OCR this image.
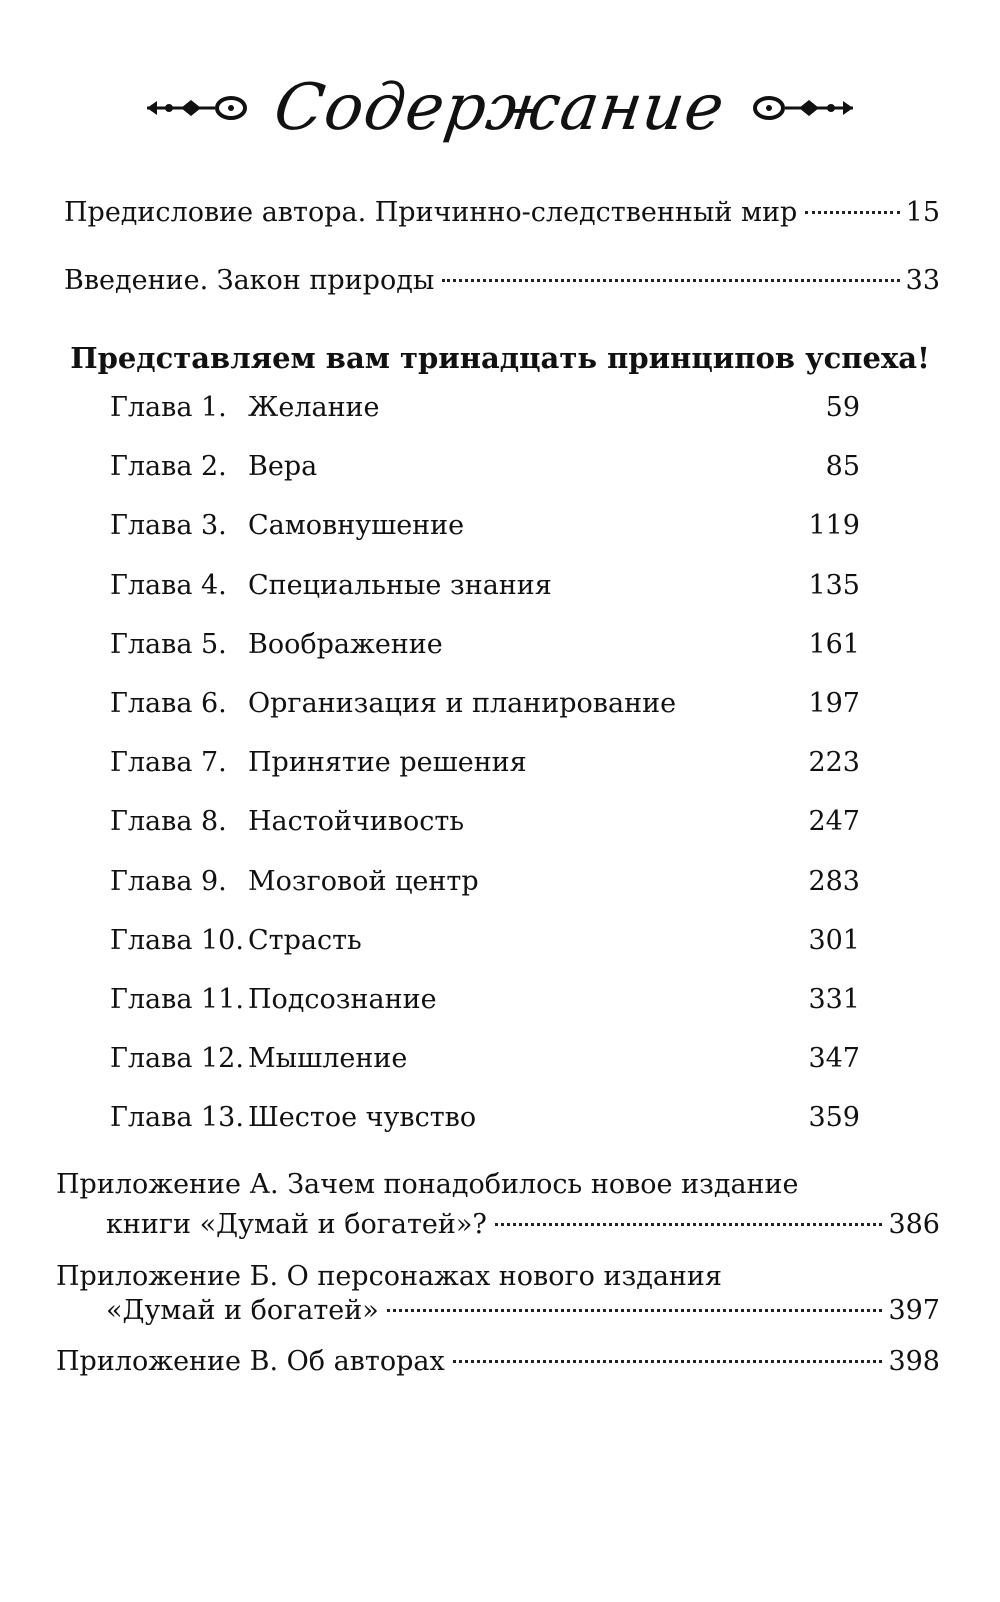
Содержание
Предисловие автора. Причинно-следственный мир	15
Введение. Закон природы	33
Представляем вам тринадцать принципов успеха!
Глава 1. Желание	59
Глава 2. Вера	85
Глава 3. Самовнушение	119
Глава 4. Специальные знания	135
Глава 5. Воображение	161
Глава 6. Организация и планирование	197
Глава 7. Принятие решения	223
Глава 8. Настойчивость	247
Глава 9. Мозговой центр	283
Глава 10. Страсть	301
Глава 11. Подсознание	331
Глава 12. Мышление	347
Глава 13. Шестое чувство	359
Приложение А. Зачем понадобилось новое издание
книги «Думай и богатей»?	386
Приложение Б. О персонажах нового издания
«Думай и богатей»	397
Приложение В. Об авторах	398
